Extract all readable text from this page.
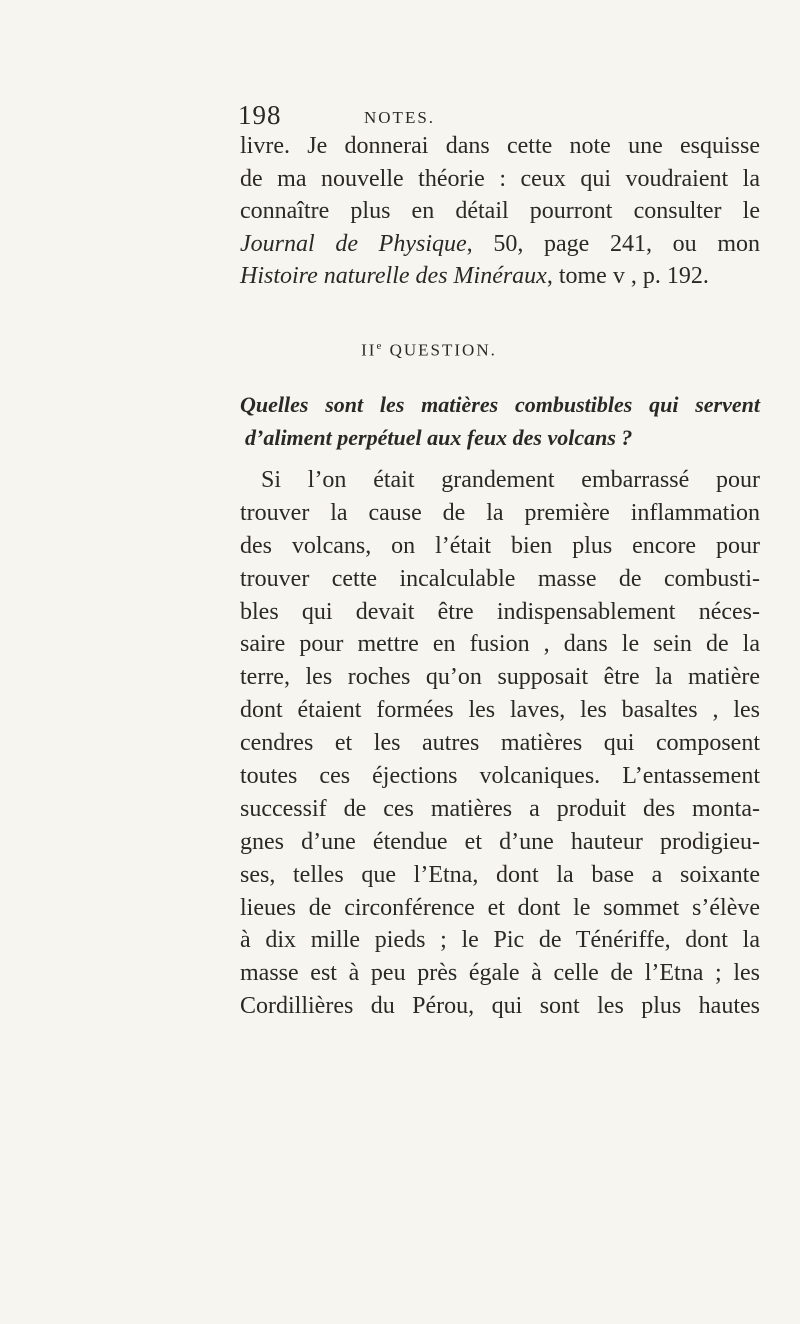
198	NOTES.
livre. Je donnerai dans cette note une esquisse
de ma nouvelle théorie : ceux qui voudraient la
connaître plus en détail pourront consulter le
Journal de Physique, 50, page 241, ou mon
Histoire naturelle des Minéraux, tome v , p. 192.
IIe QUESTION.
Quelles sont les matières combustibles qui servent
d’aliment perpétuel aux feux des volcans ?
Si l’on était grandement embarrassé pour
trouver la cause de la première inflammation
des volcans, on l’était bien plus encore pour
trouver cette incalculable masse de combusti-
bles qui devait être indispensablement néces-
saire pour mettre en fusion , dans le sein de la
terre, les roches qu’on supposait être la matière
dont étaient formées les laves, les basaltes , les
cendres et les autres matières qui composent
toutes ces éjections volcaniques. L’entassement
successif de ces matières a produit des monta-
gnes d’une étendue et d’une hauteur prodigieu-
ses, telles que l’Etna, dont la base a soixante
lieues de circonférence et dont le sommet s’élève
à dix mille pieds ; le Pic de Ténériffe, dont la
masse est à peu près égale à celle de l’Etna ; les
Cordillières du Pérou, qui sont les plus hautes
